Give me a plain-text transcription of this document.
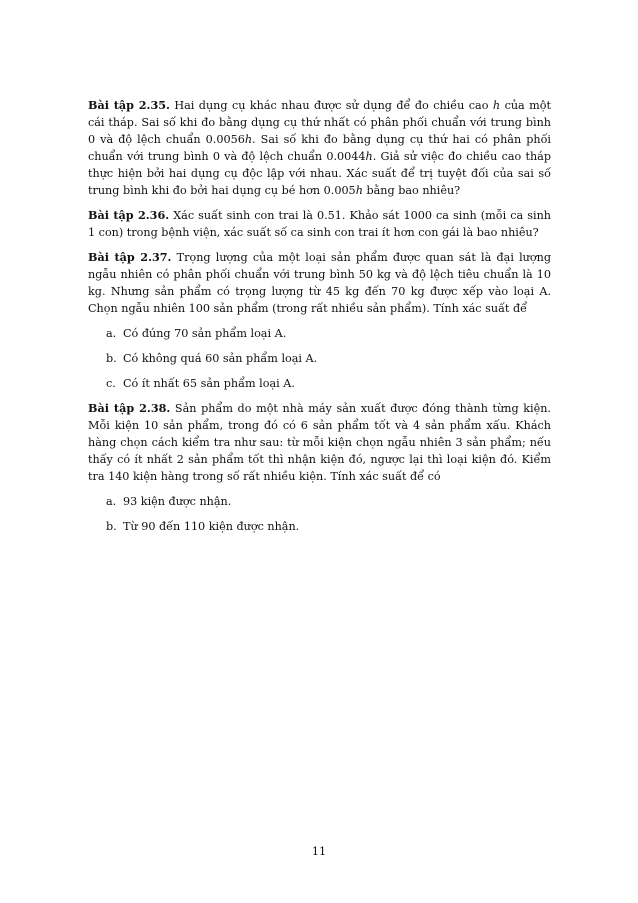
Bài tập 2.35. Hai dụng cụ khác nhau được sử dụng để đo chiều cao h của một cái tháp. Sai số khi đo bằng dụng cụ thứ nhất có phân phối chuẩn với trung bình 0 và độ lệch chuẩn 0.0056h. Sai số khi đo bằng dụng cụ thứ hai có phân phối chuẩn với trung bình 0 và độ lệch chuẩn 0.0044h. Giả sử việc đo chiều cao tháp thực hiện bởi hai dụng cụ độc lập với nhau. Xác suất để trị tuyệt đối của sai số trung bình khi đo bởi hai dụng cụ bé hơn 0.005h bằng bao nhiêu?

Bài tập 2.36. Xác suất sinh con trai là 0.51. Khảo sát 1000 ca sinh (mỗi ca sinh 1 con) trong bệnh viện, xác suất số ca sinh con trai ít hơn con gái là bao nhiêu?

Bài tập 2.37. Trọng lượng của một loại sản phẩm được quan sát là đại lượng ngẫu nhiên có phân phối chuẩn với trung bình 50 kg và độ lệch tiêu chuẩn là 10 kg. Nhưng sản phẩm có trọng lượng từ 45 kg đến 70 kg được xếp vào loại A. Chọn ngẫu nhiên 100 sản phẩm (trong rất nhiều sản phẩm). Tính xác suất để

a. Có đúng 70 sản phẩm loại A.

b. Có không quá 60 sản phẩm loại A.

c. Có ít nhất 65 sản phẩm loại A.

Bài tập 2.38. Sản phẩm do một nhà máy sản xuất được đóng thành từng kiện. Mỗi kiện 10 sản phẩm, trong đó có 6 sản phẩm tốt và 4 sản phẩm xấu. Khách hàng chọn cách kiểm tra như sau: từ mỗi kiện chọn ngẫu nhiên 3 sản phẩm; nếu thấy có ít nhất 2 sản phẩm tốt thì nhận kiện đó, ngược lại thì loại kiện đó. Kiểm tra 140 kiện hàng trong số rất nhiều kiện. Tính xác suất để có

a. 93 kiện được nhận.

b. Từ 90 đến 110 kiện được nhận.

11
